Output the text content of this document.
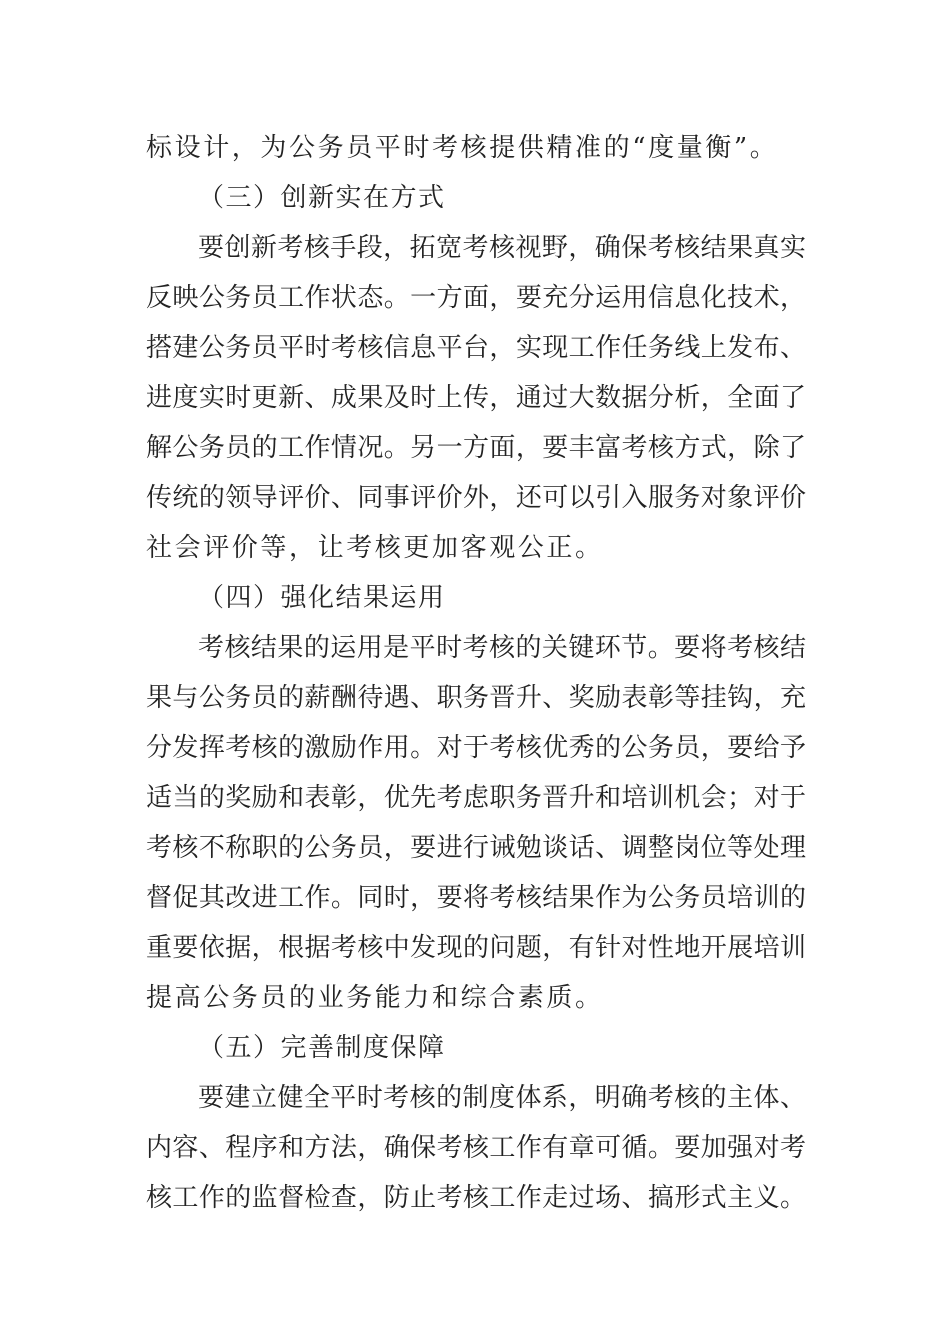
标设计，为公务员平时考核提供精准的“度量衡”。
（三）创新实在方式
要创新考核手段，拓宽考核视野，确保考核结果真实
反映公务员工作状态。一方面，要充分运用信息化技术，
搭建公务员平时考核信息平台，实现工作任务线上发布、
进度实时更新、成果及时上传，通过大数据分析，全面了
解公务员的工作情况。另一方面，要丰富考核方式，除了
传统的领导评价、同事评价外，还可以引入服务对象评价
社会评价等，让考核更加客观公正。
（四）强化结果运用
考核结果的运用是平时考核的关键环节。要将考核结
果与公务员的薪酬待遇、职务晋升、奖励表彰等挂钩，充
分发挥考核的激励作用。对于考核优秀的公务员，要给予
适当的奖励和表彰，优先考虑职务晋升和培训机会；对于
考核不称职的公务员，要进行诫勉谈话、调整岗位等处理
督促其改进工作。同时，要将考核结果作为公务员培训的
重要依据，根据考核中发现的问题，有针对性地开展培训
提高公务员的业务能力和综合素质。
（五）完善制度保障
要建立健全平时考核的制度体系，明确考核的主体、
内容、程序和方法，确保考核工作有章可循。要加强对考
核工作的监督检查，防止考核工作走过场、搞形式主义。
